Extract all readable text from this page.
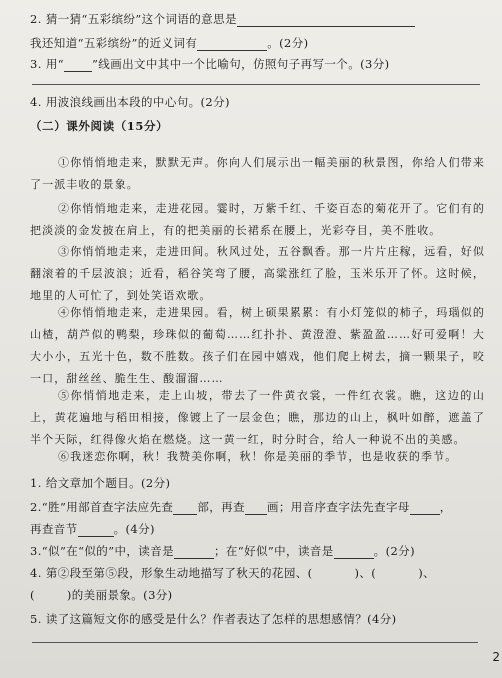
2. 猜一猜“五彩缤纷”这个词语的意思是
我还知道“五彩缤纷”的近义词有	。(2分)
3. 用“ ”线画出文中其中一个比喻句，仿照句子再写一个。(3分)
4. 用波浪线画出本段的中心句。(2分)
（二）课外阅读（15分）
①你悄悄地走来，默默无声。你向人们展示出一幅美丽的秋景图，你给人们带来了一派丰收的景象。
②你悄悄地走来，走进花园。霎时，万紫千红、千姿百态的菊花开了。它们有的把淡淡的金发披在肩上，有的把美丽的长裙系在腰上，光彩夺目，美不胜收。
③你悄悄地走来，走进田间。秋风过处，五谷飘香。那一片片庄稼，远看，好似翻滚着的千层波浪；近看，稻谷笑弯了腰，高粱涨红了脸，玉米乐开了怀。这时候，地里的人可忙了，到处笑语欢歌。
④你悄悄地走来，走进果园。看，树上硕果累累：有小灯笼似的柿子，玛瑙似的山楂，葫芦似的鸭梨，珍珠似的葡萄……红扑扑、黄澄澄、紫盈盈……好可爱啊！大大小小，五光十色，数不胜数。孩子们在园中嬉戏，他们爬上树去，摘一颗果子，咬一口，甜丝丝、脆生生、酸溜溜……
⑤你悄悄地走来，走上山坡，带去了一件黄衣裳，一件红衣裳。瞧，这边的山上，黄花遍地与稻田相接，像镀上了一层金色；瞧，那边的山上，枫叶如醉，遮盖了半个天际，红得像火焰在燃烧。这一黄一红，时分时合，给人一种说不出的美感。
⑥我迷恋你啊，秋！我赞美你啊，秋！你是美丽的季节，也是收获的季节。
1. 给文章加个题目。(2分)
2.“胜”用部首查字法应先查 部，再查 画；用音序查字法先查字母	，
再查音节	。(4分)
3.“似”在“似的”中，读音是	；在“好似”中，读音是	。(2分)
4. 第②段至第⑤段，形象生动地描写了秋天的花园、(	)、(	)、
(	)的美丽景象。(3分)
5. 读了这篇短文你的感受是什么？作者表达了怎样的思想感情？(4分)
2
